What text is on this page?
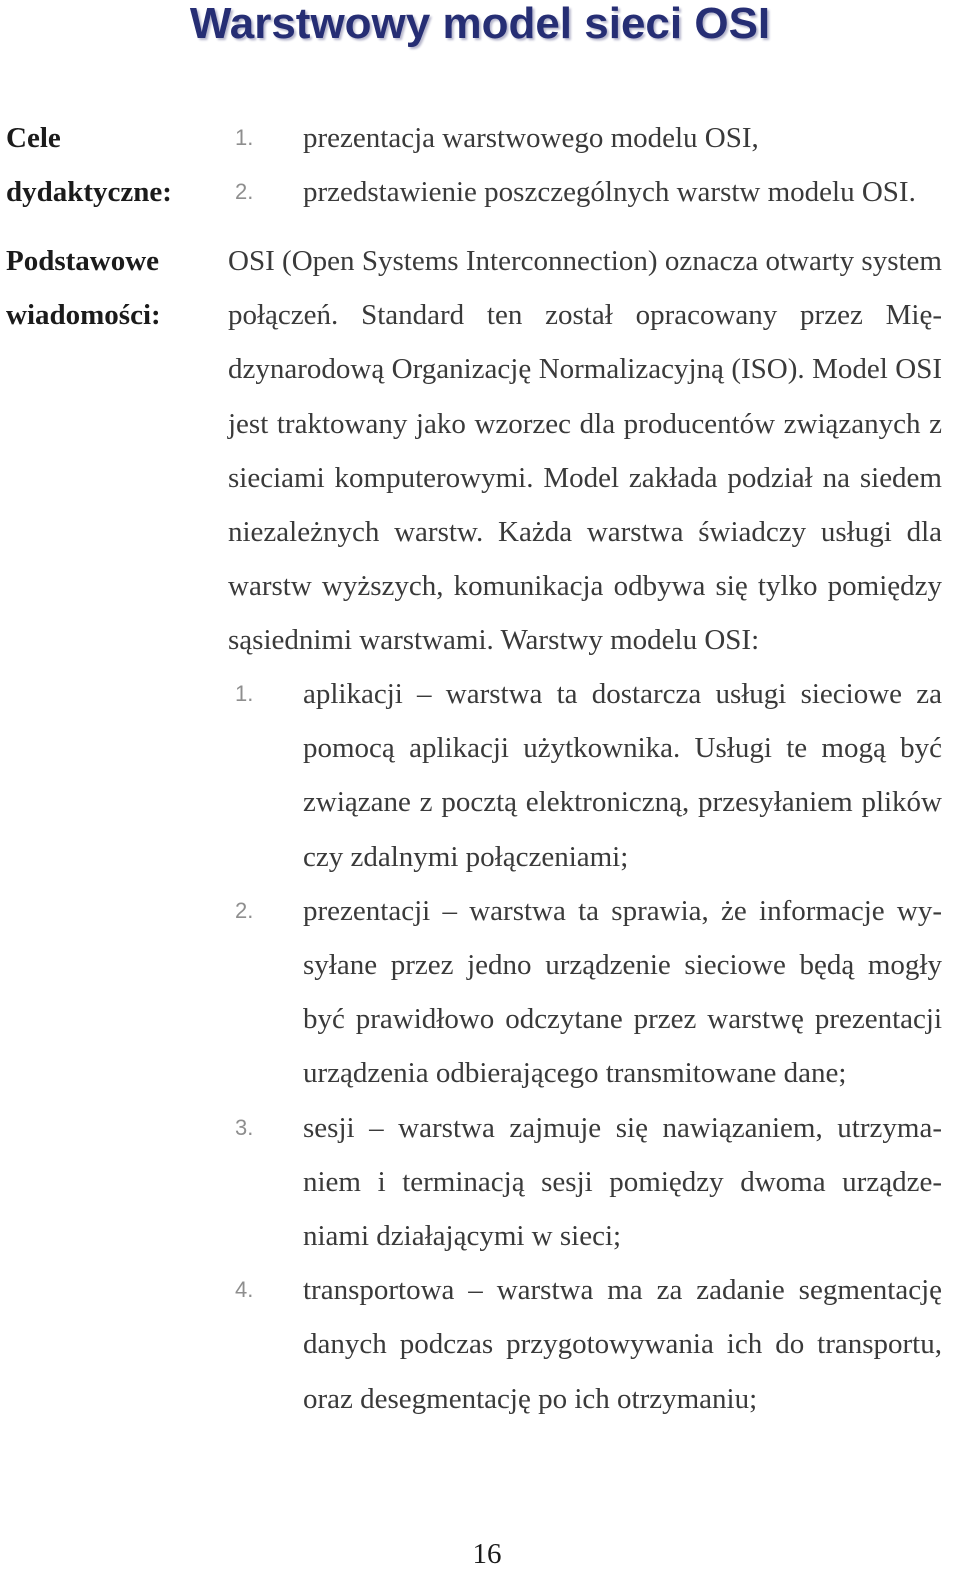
Warstwowy model sieci OSI
Cele
dydaktyczne:
1. prezentacja warstwowego modelu OSI,
2. przedstawienie poszczególnych warstw modelu OSI.
Podstawowe
wiadomości:

OSI (Open Systems Interconnection) oznacza otwarty system połączeń. Standard ten został opracowany przez Międzynarodową Organizację Normalizacyjną (ISO). Model OSI jest traktowany jako wzorzec dla producentów związanych z sieciami komputerowymi. Model zakłada podział na siedem niezależnych warstw. Każda warstwa świadczy usługi dla warstw wyższych, komunikacja odbywa się tylko pomiędzy sąsiednimi warstwami. Warstwy modelu OSI:

1. aplikacji – warstwa ta dostarcza usługi sieciowe za pomocą aplikacji użytkownika. Usługi te mogą być związane z pocztą elektroniczną, przesyłaniem plików czy zdalnymi połączeniami;
2. prezentacji – warstwa ta sprawia, że informacje wysyłane przez jedno urządzenie sieciowe będą mogły być prawidłowo odczytane przez warstwę prezentacji urządzenia odbierającego transmitowane dane;
3. sesji – warstwa zajmuje się nawiązaniem, utrzymaniem i terminacją sesji pomiędzy dwoma urządzeniami działającymi w sieci;
4. transportowa – warstwa ma za zadanie segmentację danych podczas przygotowywania ich do transportu, oraz desegmentację po ich otrzymaniu;
16
